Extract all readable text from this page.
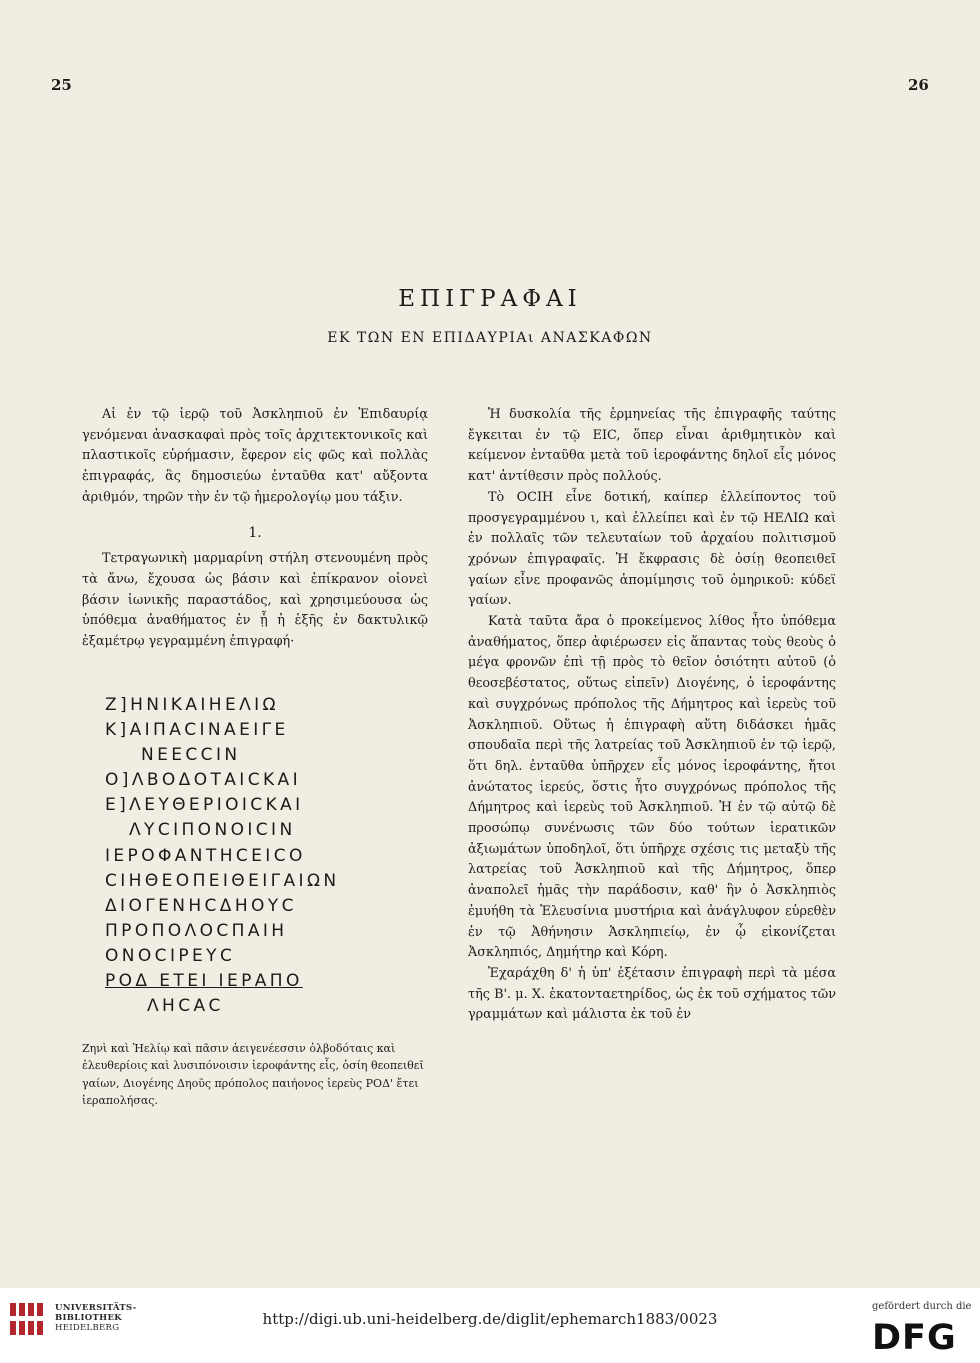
25	26
ΕΠΙΓΡΑΦΑΙ
ΕΚ ΤΩΝ ΕΝ ΕΠΙΔΑΥΡΙΑι ΑΝΑΣΚΑΦΩΝ

Αἱ ἐν τῷ ἱερῷ τοῦ Ἀσκληπιοῦ ἐν Ἐπιδαυρίᾳ γενόμεναι ἀνασκαφαὶ πρὸς τοῖς ἀρχιτεκτονικοῖς καὶ πλαστικοῖς εὑρήμασιν, ἔφερον εἰς φῶς καὶ πολλὰς ἐπιγραφάς, ἃς δημοσιεύω ἐνταῦθα κατ' αὔξοντα ἀριθμόν, τηρῶν τὴν ἐν τῷ ἡμερολογίῳ μου τάξιν.

1.

Τετραγωνικὴ μαρμαρίνη στήλη στενουμένη πρὸς τὰ ἄνω, ἔχουσα ὡς βάσιν καὶ ἐπίκρανον οἱονεὶ βάσιν ἰωνικῆς παραστάδος, καὶ χρησιμεύουσα ὡς ὑπόθεμα ἀναθήματος ἐν ᾗ ἡ ἑξῆς ἐν δακτυλικῷ ἑξαμέτρῳ γεγραμμένη ἐπιγραφή·

Ζ]ΗΝΙΚΑΙΗΕΛΙΩ
Κ]ΑΙΠΑCΙΝΑΕΙΓΕ
ΝΕΕCCΙΝ
Ο]ΛΒΟΔΟΤΑΙCΚΑΙ
Ε]ΛΕΥΘΕΡΙΟΙCΚΑΙ
ΛΥCΙΠΟΝΟΙCΙΝ
ΙΕΡΟΦΑΝΤΗCΕΙCΟ
CΙΗΘΕΟΠΕΙΘΕΙΓΑΙΩΝ
ΔΙΟΓΕΝΗCΔΗΟΥC
ΠΡΟΠΟΛΟCΠΑΙΗ
ΟΝΟCΙΡΕΥC
ΡΟΔ ΕΤΕΙ ΙΕΡΑΠΟ
ΛΗCΑC

Ζηνὶ καὶ Ἠελίῳ καὶ πᾶσιν ἀειγενέεσσιν ὀλβοδόταις καὶ ἐλευθερίοις καὶ λυσιπόνοισιν ἱεροφάντης εἷς, ὁσίη θεοπειθεῖ γαίων, Διογένης Δηοῦς πρόπολος παιήονος ἱερεὺς ΡΟΔ' ἔτει ἱεραπολήσας.

Ἡ δυσκολία τῆς ἑρμηνείας τῆς ἐπιγραφῆς ταύτης ἔγκειται ἐν τῷ ΕΙC, ὅπερ εἶναι ἀριθμητικὸν καὶ κείμενον ἐνταῦθα μετὰ τοῦ ἱεροφάντης δηλοῖ εἷς μόνος κατ' ἀντίθεσιν πρὸς πολλούς.

Τὸ ΟCΙΗ εἶνε δοτική, καίπερ ἐλλείποντος τοῦ προσγεγραμμένου ι, καὶ ἐλλείπει καὶ ἐν τῷ ΗΕΛΙΩ καὶ ἐν πολλαῖς τῶν τελευταίων τοῦ ἀρχαίου πολιτισμοῦ χρόνων ἐπιγραφαῖς. Ἡ ἔκφρασις δὲ ὁσίῃ θεοπειθεῖ γαίων εἶνε προφανῶς ἀπομίμησις τοῦ ὁμηρικοῦ: κύδεϊ γαίων.

Κατὰ ταῦτα ἄρα ὁ προκείμενος λίθος ἦτο ὑπόθεμα ἀναθήματος, ὅπερ ἀφιέρωσεν εἰς ἅπαντας τοὺς θεοὺς ὁ μέγα φρονῶν ἐπὶ τῇ πρὸς τὸ θεῖον ὁσιότητι αὐτοῦ (ὁ θεοσεβέστατος, οὕτως εἰπεῖν) Διογένης, ὁ ἱεροφάντης καὶ συγχρόνως πρόπολος τῆς Δήμητρος καὶ ἱερεὺς τοῦ Ἀσκληπιοῦ. Οὕτως ἡ ἐπιγραφὴ αὕτη διδάσκει ἡμᾶς σπουδαῖα περὶ τῆς λατρείας τοῦ Ἀσκληπιοῦ ἐν τῷ ἱερῷ, ὅτι δηλ. ἐνταῦθα ὑπῆρχεν εἷς μόνος ἱεροφάντης, ἤτοι ἀνώτατος ἱερεύς, ὅστις ἦτο συγχρόνως πρόπολος τῆς Δήμητρος καὶ ἱερεὺς τοῦ Ἀσκληπιοῦ. Ἡ ἐν τῷ αὐτῷ δὲ προσώπῳ συνένωσις τῶν δύο τούτων ἱερατικῶν ἀξιωμάτων ὑποδηλοῖ, ὅτι ὑπῆρχε σχέσις τις μεταξὺ τῆς λατρείας τοῦ Ἀσκληπιοῦ καὶ τῆς Δήμητρος, ὅπερ ἀναπολεῖ ἡμᾶς τὴν παράδοσιν, καθ' ἣν ὁ Ἀσκληπιὸς ἐμυήθη τὰ Ἐλευσίνια μυστήρια καὶ ἀνάγλυφον εὑρεθὲν ἐν τῷ Ἀθήνησιν Ἀσκληπιείῳ, ἐν ᾧ εἰκονίζεται Ἀσκληπιός, Δημήτηρ καὶ Κόρη.

Ἐχαράχθη δ' ἡ ὑπ' ἐξέτασιν ἐπιγραφὴ περὶ τὰ μέσα τῆς Β'. μ. Χ. ἑκατονταετηρίδος, ὡς ἐκ τοῦ σχήματος τῶν γραμμάτων καὶ μάλιστα ἐκ τοῦ ἐν

UNIVERSITÄTS-
BIBLIOTHEK
HEIDELBERG	http://digi.ub.uni-heidelberg.de/diglit/ephemarch1883/0023
gefördert durch die
DFG
